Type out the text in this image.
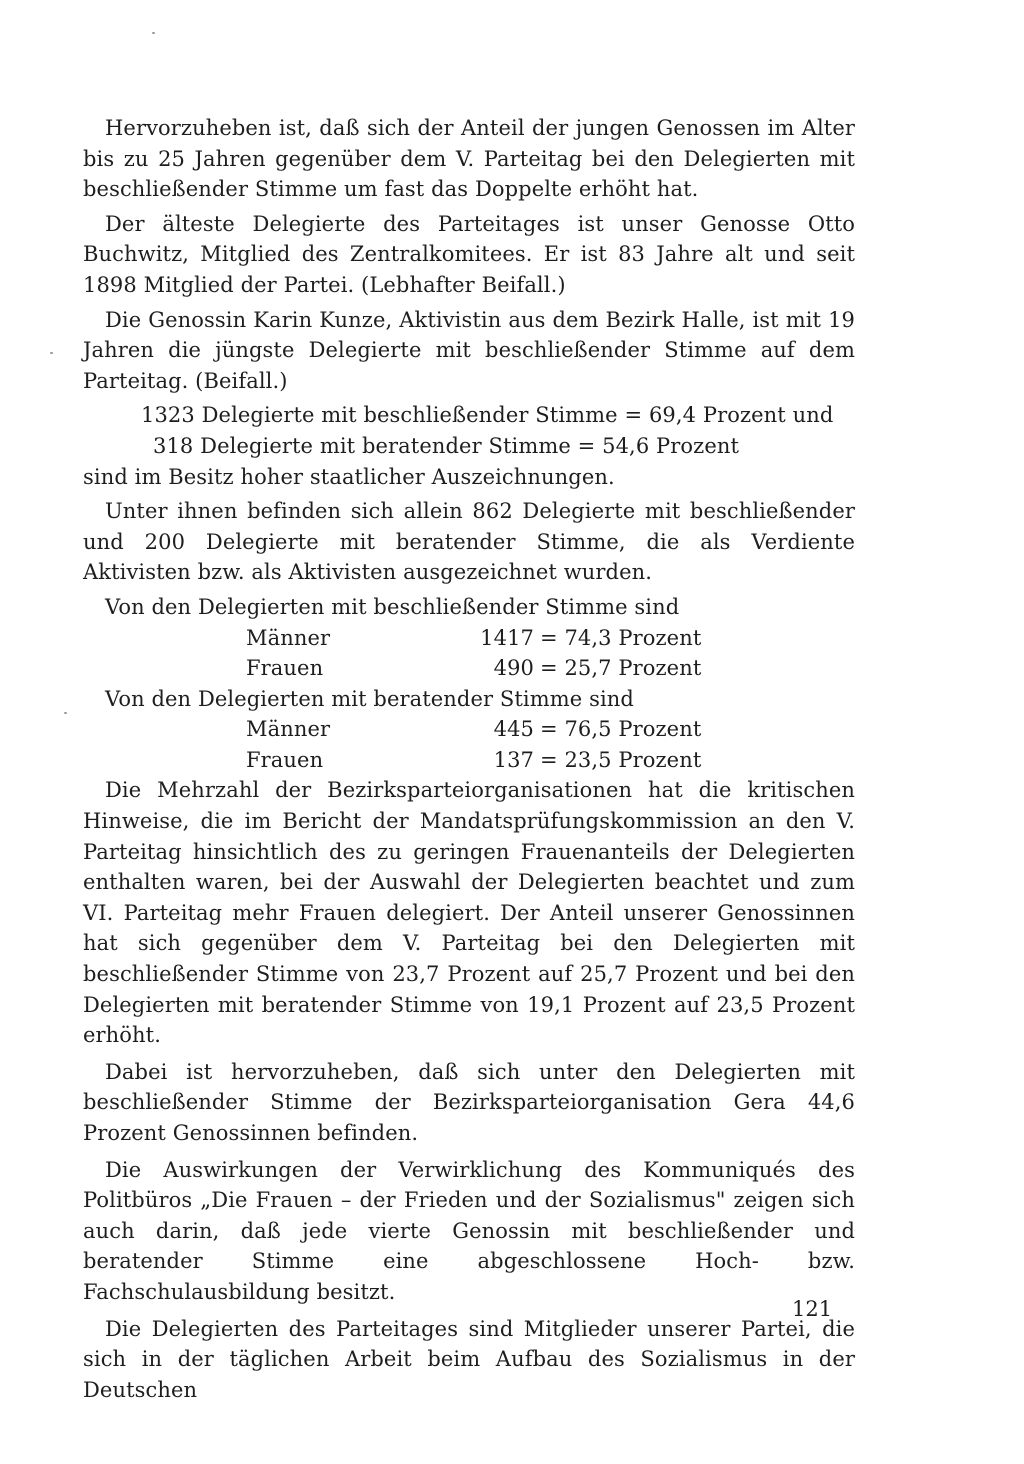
Hervorzuheben ist, daß sich der Anteil der jungen Genossen im Alter bis zu 25 Jahren gegenüber dem V. Parteitag bei den Delegierten mit beschließender Stimme um fast das Doppelte erhöht hat.

Der älteste Delegierte des Parteitages ist unser Genosse Otto Buchwitz, Mitglied des Zentralkomitees. Er ist 83 Jahre alt und seit 1898 Mitglied der Partei. (Lebhafter Beifall.)

Die Genossin Karin Kunze, Aktivistin aus dem Bezirk Halle, ist mit 19 Jahren die jüngste Delegierte mit beschließender Stimme auf dem Parteitag. (Beifall.)

1323 Delegierte mit beschließender Stimme = 69,4 Prozent und

318 Delegierte mit beratender Stimme = 54,6 Prozent

sind im Besitz hoher staatlicher Auszeichnungen.

Unter ihnen befinden sich allein 862 Delegierte mit beschließender und 200 Delegierte mit beratender Stimme, die als Verdiente Aktivisten bzw. als Aktivisten ausgezeichnet wurden.

Von den Delegierten mit beschließender Stimme sind

Männer	1417	= 74,3 Prozent
Frauen	490	= 25,7 Prozent

Von den Delegierten mit beratender Stimme sind

Männer	445	= 76,5 Prozent
Frauen	137	= 23,5 Prozent

Die Mehrzahl der Bezirksparteiorganisationen hat die kritischen Hinweise, die im Bericht der Mandatsprüfungskommission an den V. Parteitag hinsichtlich des zu geringen Frauenanteils der Delegierten enthalten waren, bei der Auswahl der Delegierten beachtet und zum VI. Parteitag mehr Frauen delegiert. Der Anteil unserer Genossinnen hat sich gegenüber dem V. Parteitag bei den Delegierten mit beschließender Stimme von 23,7 Prozent auf 25,7 Prozent und bei den Delegierten mit beratender Stimme von 19,1 Prozent auf 23,5 Prozent erhöht.

Dabei ist hervorzuheben, daß sich unter den Delegierten mit beschließender Stimme der Bezirksparteiorganisation Gera 44,6 Prozent Genossinnen befinden.

Die Auswirkungen der Verwirklichung des Kommuniqués des Politbüros „Die Frauen – der Frieden und der Sozialismus" zeigen sich auch darin, daß jede vierte Genossin mit beschließender und beratender Stimme eine abgeschlossene Hoch- bzw. Fachschulausbildung besitzt.

Die Delegierten des Parteitages sind Mitglieder unserer Partei, die sich in der täglichen Arbeit beim Aufbau des Sozialismus in der Deutschen

121
